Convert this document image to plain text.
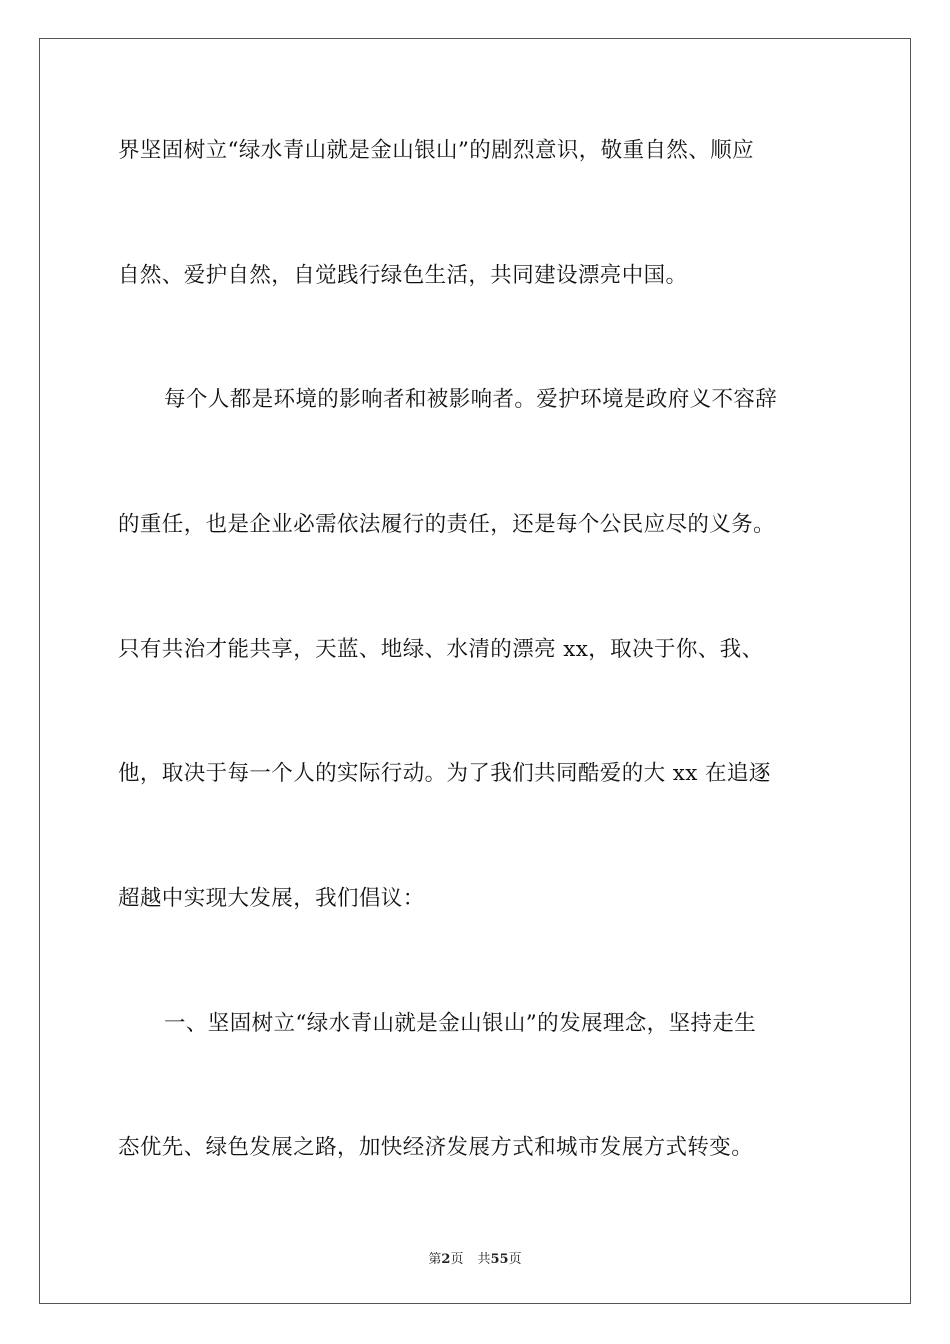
界坚固树立“绿水青山就是金山银山”的剧烈意识，敬重自然、顺应
自然、爱护自然，自觉践行绿色生活，共同建设漂亮中国。
每个人都是环境的影响者和被影响者。爱护环境是政府义不容辞
的重任，也是企业必需依法履行的责任，还是每个公民应尽的义务。
只有共治才能共享，天蓝、地绿、水清的漂亮 xx，取决于你、我、
他，取决于每一个人的实际行动。为了我们共同酷爱的大 xx 在追逐
超越中实现大发展，我们倡议：
一、坚固树立“绿水青山就是金山银山”的发展理念，坚持走生
态优先、绿色发展之路，加快经济发展方式和城市发展方式转变。
第2页 共55页
